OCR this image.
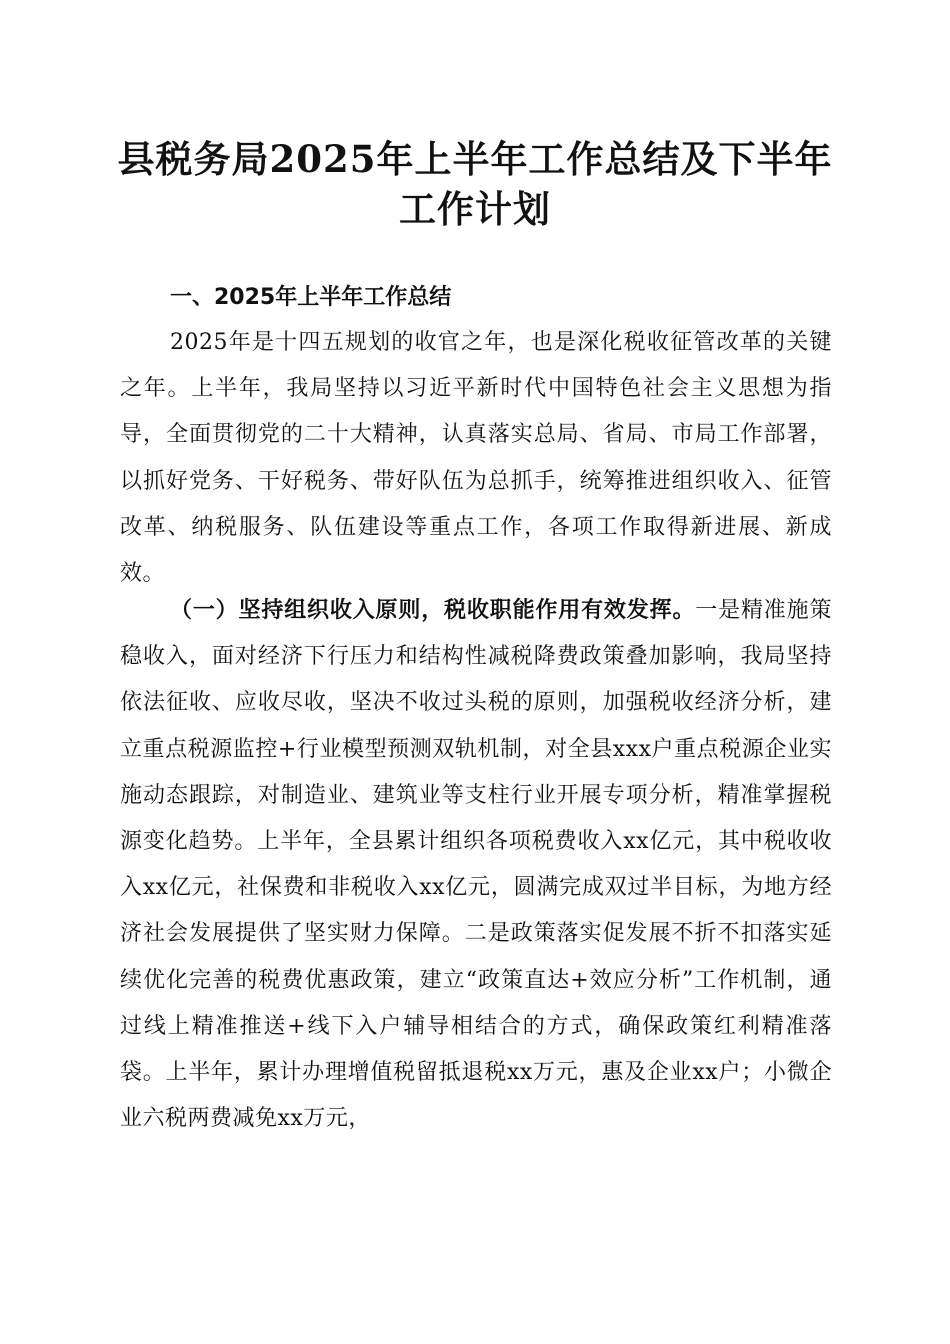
县税务局2025年上半年工作总结及下半年工作计划
一、2025年上半年工作总结

2025年是十四五规划的收官之年，也是深化税收征管改革的关键之年。上半年，我局坚持以习近平新时代中国特色社会主义思想为指导，全面贯彻党的二十大精神，认真落实总局、省局、市局工作部署，以抓好党务、干好税务、带好队伍为总抓手，统筹推进组织收入、征管改革、纳税服务、队伍建设等重点工作，各项工作取得新进展、新成效。

（一）坚持组织收入原则，税收职能作用有效发挥。一是精准施策稳收入，面对经济下行压力和结构性减税降费政策叠加影响，我局坚持依法征收、应收尽收，坚决不收过头税的原则，加强税收经济分析，建立重点税源监控+行业模型预测双轨机制，对全县xxx户重点税源企业实施动态跟踪，对制造业、建筑业等支柱行业开展专项分析，精准掌握税源变化趋势。上半年，全县累计组织各项税费收入xx亿元，其中税收收入xx亿元，社保费和非税收入xx亿元，圆满完成双过半目标，为地方经济社会发展提供了坚实财力保障。二是政策落实促发展不折不扣落实延续优化完善的税费优惠政策，建立“政策直达+效应分析”工作机制，通过线上精准推送+线下入户辅导相结合的方式，确保政策红利精准落袋。上半年，累计办理增值税留抵退税xx万元，惠及企业xx户；小微企业六税两费减免xx万元，
